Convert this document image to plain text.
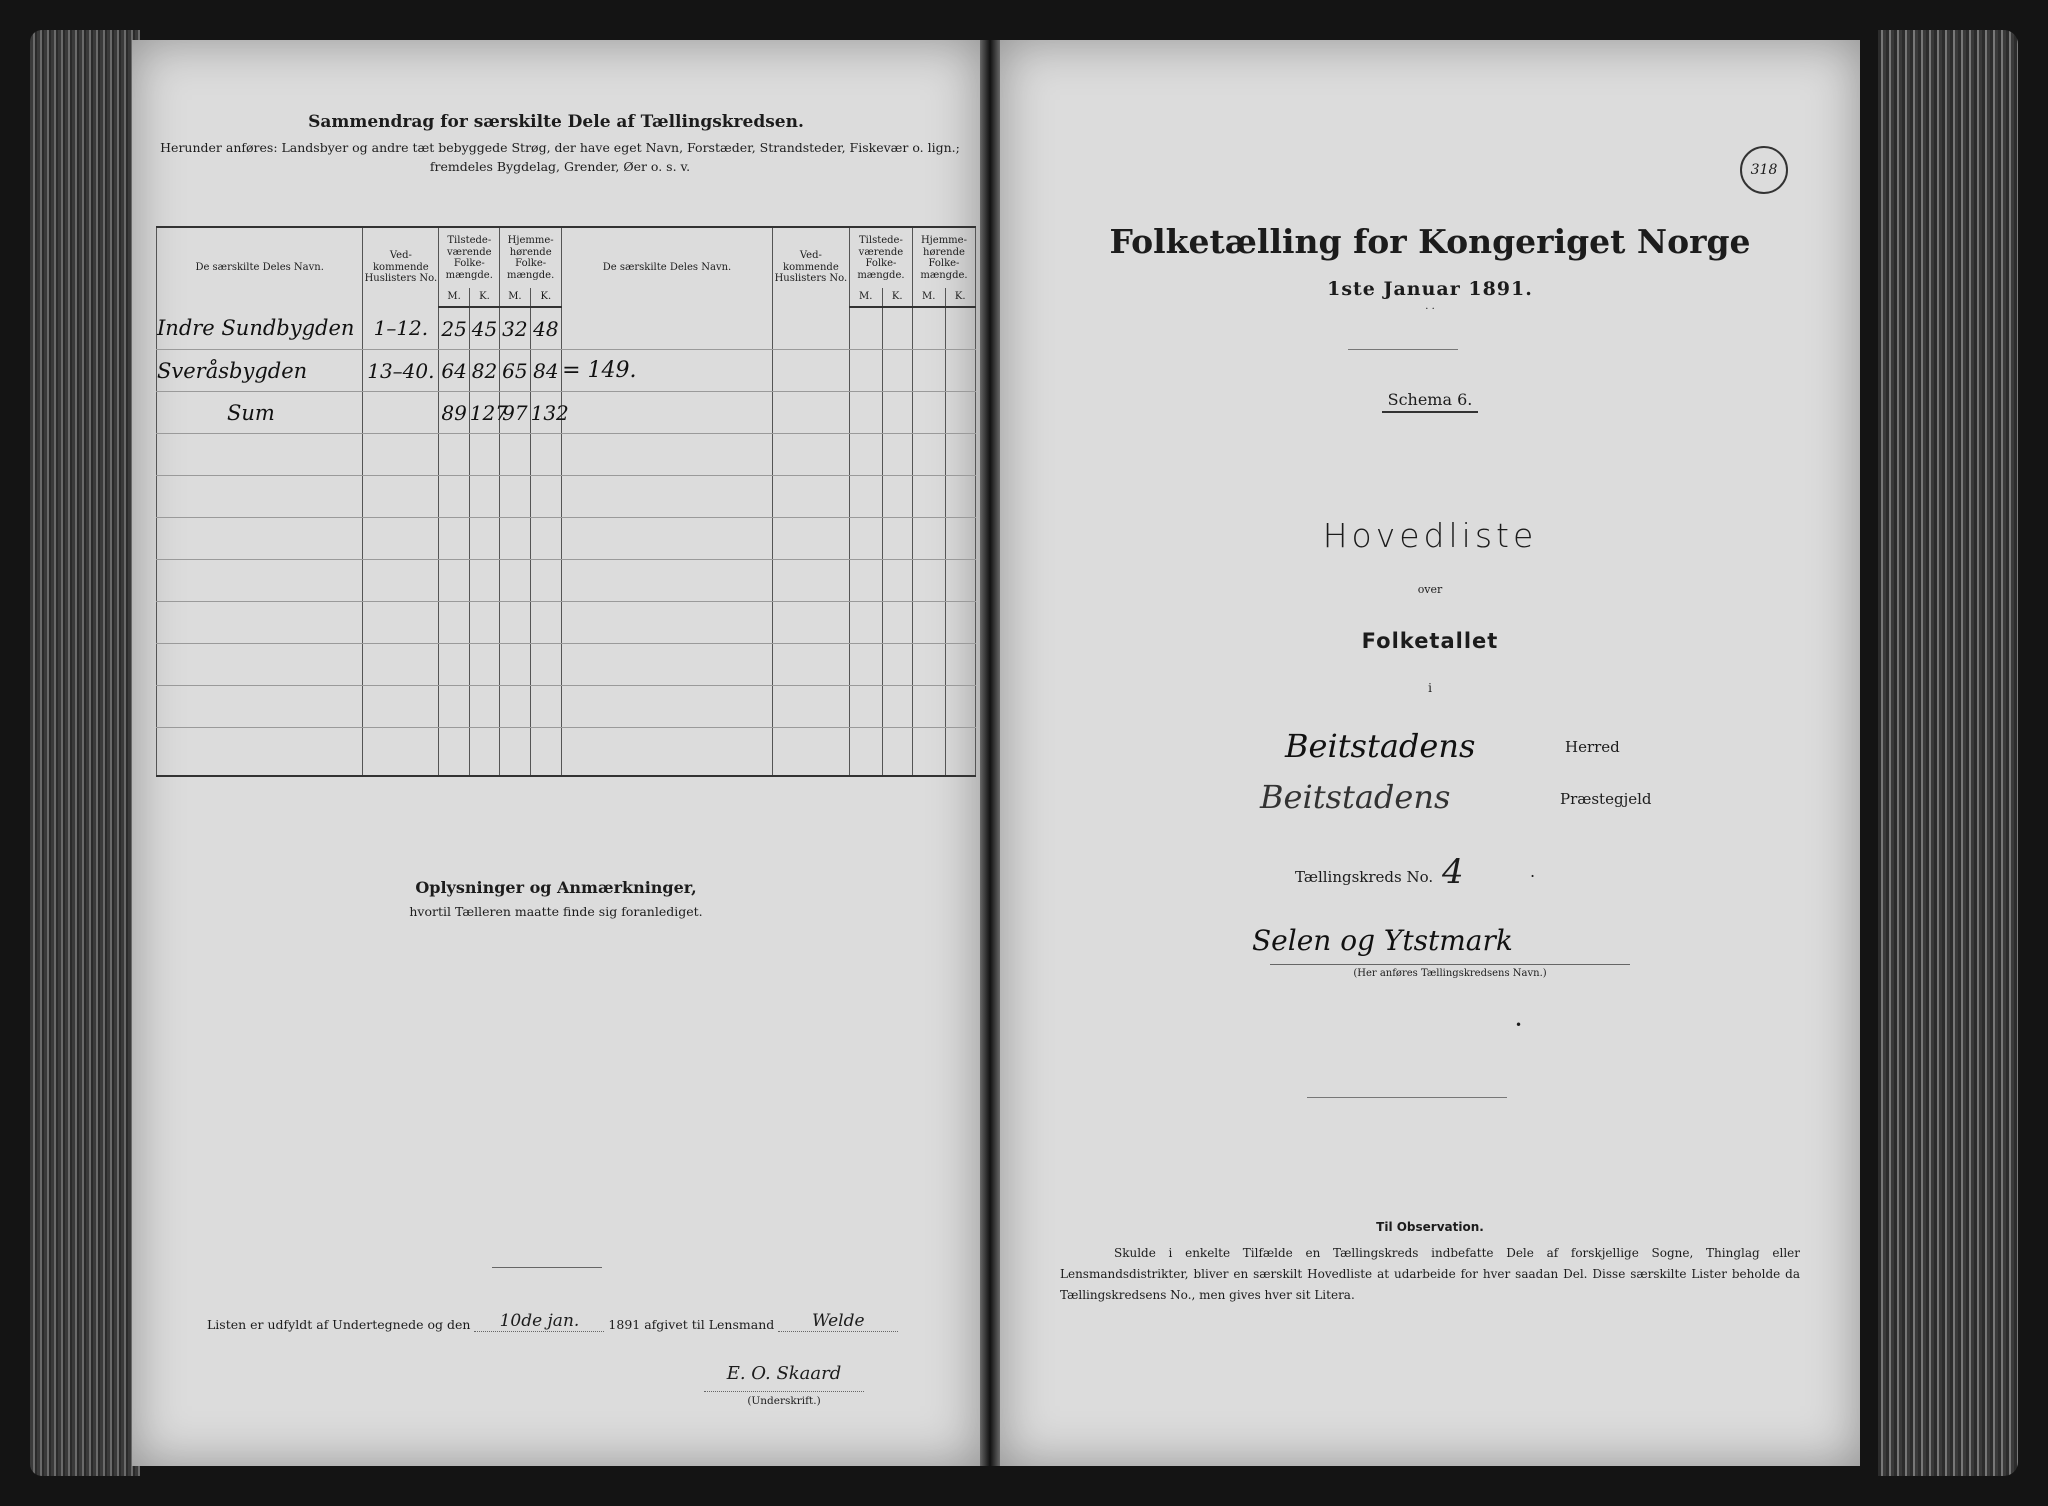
Sammendrag for særskilte Dele af Tællingskredsen.
Herunder anføres: Landsbyer og andre tæt bebyggede Strøg, der have eget Navn, Forstæder, Strandsteder, Fiskevær o. lign.; fremdeles Bygdelag, Grender, Øer o. s. v.
De særskilte Deles Navn.	Ved-kommende Huslisters No.	Tilstede-værende Folke-mængde.		Hjemme-hørende Folke-mængde.		De særskilte Deles Navn.	Ved-kommende Huslisters No.	Tilstede-værende Folke-mængde.		Hjemme-hørende Folke-mængde.	
		M.	K.	M.	K.			M.	K.	M.	K.
Indre Sundbygden	1–12.	25	45	32	48						
Sveråsbygden	13–40.	64	82	65	84	= 149.					
Sum		89	127	97	132						

Oplysninger og Anmærkninger,
hvortil Tælleren maatte finde sig foranlediget.
Listen er udfyldt af Undertegnede og den 10de jan. 1891 afgivet til Lensmand Welde
E. O. Skaard
(Underskrift.)
318
Folketælling for Kongeriget Norge
1ste Januar 1891.
· ·
Schema 6.
Hovedliste
over
Folketallet
i
Beitstadens	Herred
Beitstadens	Præstegjeld
Tællingskreds No. 4	.
Selen og Ytstmark
(Her anføres Tællingskredsens Navn.)
•
Til Observation.
Skulde i enkelte Tilfælde en Tællingskreds indbefatte Dele af forskjellige Sogne, Thinglag eller Lensmandsdistrikter, bliver en særskilt Hovedliste at udarbeide for hver saadan Del. Disse særskilte Lister beholde da Tællingskredsens No., men gives hver sit Litera.
